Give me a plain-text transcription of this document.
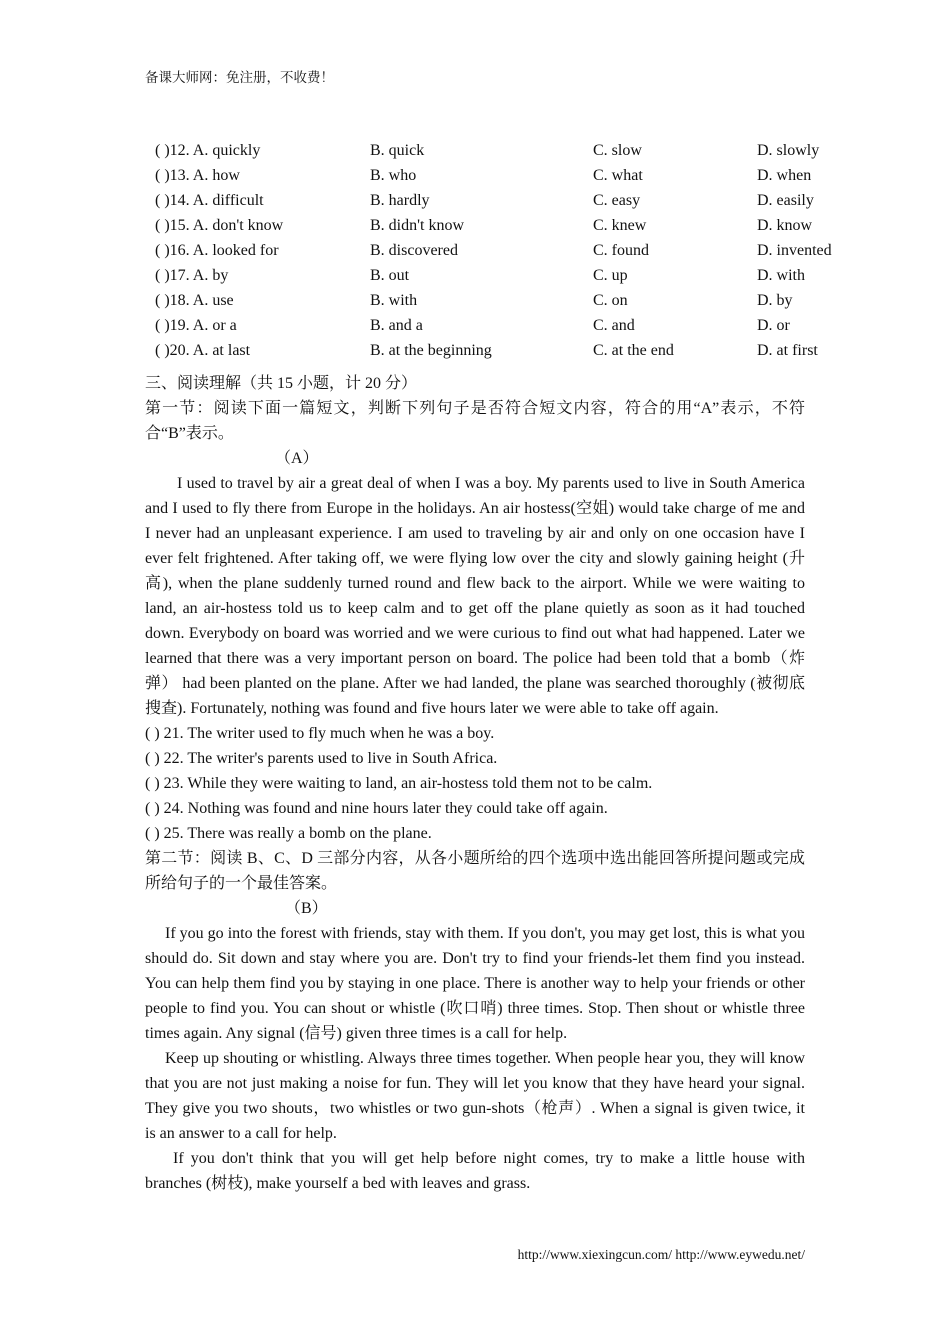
备课大师网：免注册，不收费！
( )12. A. quickly	B. quick	C. slow	D. slowly
( )13. A. how	B. who	C. what	D. when
( )14. A. difficult	B. hardly	C. easy	D. easily
( )15. A. don't know	B. didn't know	C. knew	D. know
( )16. A. looked for	B. discovered	C. found	D. invented
( )17. A. by	B. out	C. up	D. with
( )18. A. use	B. with	C. on	D. by
( )19. A. or a	B. and a	C. and	D. or
( )20. A. at last	B. at the beginning	C. at the end	D. at first

三、阅读理解（共 15 小题，计 20 分）

第一节：阅读下面一篇短文，判断下列句子是否符合短文内容，符合的用“A”表示，不符合“B”表示。

（A）

I used to travel by air a great deal of when I was a boy. My parents used to live in South America and I used to fly there from Europe in the holidays. An air hostess(空姐) would take charge of me and I never had an unpleasant experience. I am used to traveling by air and only on one occasion have I ever felt frightened. After taking off, we were flying low over the city and slowly gaining height (升高), when the plane suddenly turned round and flew back to the airport. While we were waiting to land, an air-hostess told us to keep calm and to get off the plane quietly as soon as it had touched down. Everybody on board was worried and we were curious to find out what had happened. Later we learned that there was a very important person on board. The police had been told that a bomb（炸弹） had been planted on the plane. After we had landed, the plane was searched thoroughly (被彻底搜查). Fortunately, nothing was found and five hours later we were able to take off again.

( ) 21. The writer used to fly much when he was a boy.

( ) 22. The writer's parents used to live in South Africa.

( ) 23. While they were waiting to land, an air-hostess told them not to be calm.

( ) 24. Nothing was found and nine hours later they could take off again.

( ) 25. There was really a bomb on the plane.

第二节：阅读 B、C、D 三部分内容，从各小题所给的四个选项中选出能回答所提问题或完成所给句子的一个最佳答案。

（B）

If you go into the forest with friends, stay with them. If you don't, you may get lost, this is what you should do. Sit down and stay where you are. Don't try to find your friends-let them find you instead. You can help them find you by staying in one place. There is another way to help your friends or other people to find you. You can shout or whistle (吹口哨) three times. Stop. Then shout or whistle three times again. Any signal (信号) given three times is a call for help.

Keep up shouting or whistling. Always three times together. When people hear you, they will know that you are not just making a noise for fun. They will let you know that they have heard your signal. They give you two shouts，two whistles or two gun-shots（枪声）. When a signal is given twice, it is an answer to a call for help.

If you don't think that you will get help before night comes, try to make a little house with branches (树枝), make yourself a bed with leaves and grass.

http://www.xiexingcun.com/ http://www.eywedu.net/
